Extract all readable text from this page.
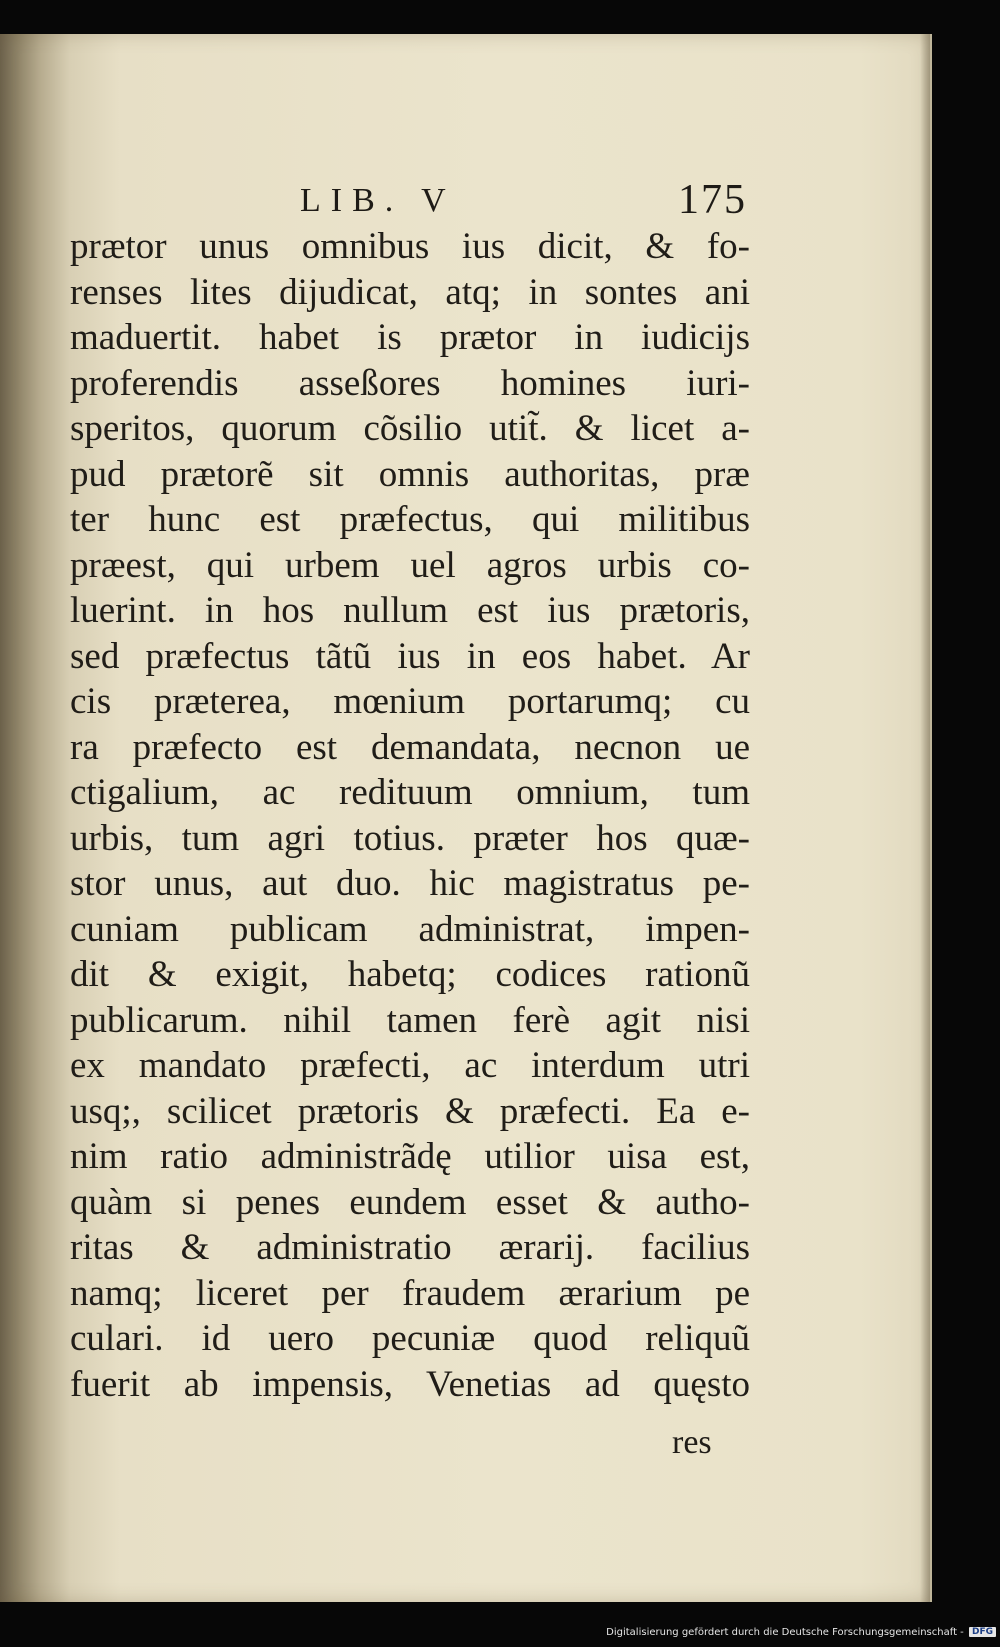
LIB. V	175
prætor unus omnibus ius dicit, & fo-
renses lites dijudicat, atq; in sontes ani
maduertit. habet is prætor in iudicijs
proferendis asseßores homines iuri-
speritos, quorum cõsilio utit̃. & licet a-
pud prætorẽ sit omnis authoritas, præ
ter hunc est præfectus, qui militibus
præest, qui urbem uel agros urbis co-
luerint. in hos nullum est ius prætoris,
sed præfectus tãtũ ius in eos habet. Ar
cis præterea, mœnium portarumq; cu
ra præfecto est demandata, necnon ue
ctigalium, ac redituum omnium, tum
urbis, tum agri totius. præter hos quæ-
stor unus, aut duo. hic magistratus pe-
cuniam publicam administrat, impen-
dit & exigit, habetq; codices rationũ
publicarum. nihil tamen ferè agit nisi
ex mandato præfecti, ac interdum utri
usq;, scilicet prætoris & præfecti. Ea e-
nim ratio administrãdę utilior uisa est,
quàm si penes eundem esset & autho-
ritas & administratio ærarij. facilius
namq; liceret per fraudem ærarium pe
culari. id uero pecuniæ quod reliquũ
fuerit ab impensis, Venetias ad quęsto
res
Digitalisierung gefördert durch die Deutsche Forschungsgemeinschaft - DFG
